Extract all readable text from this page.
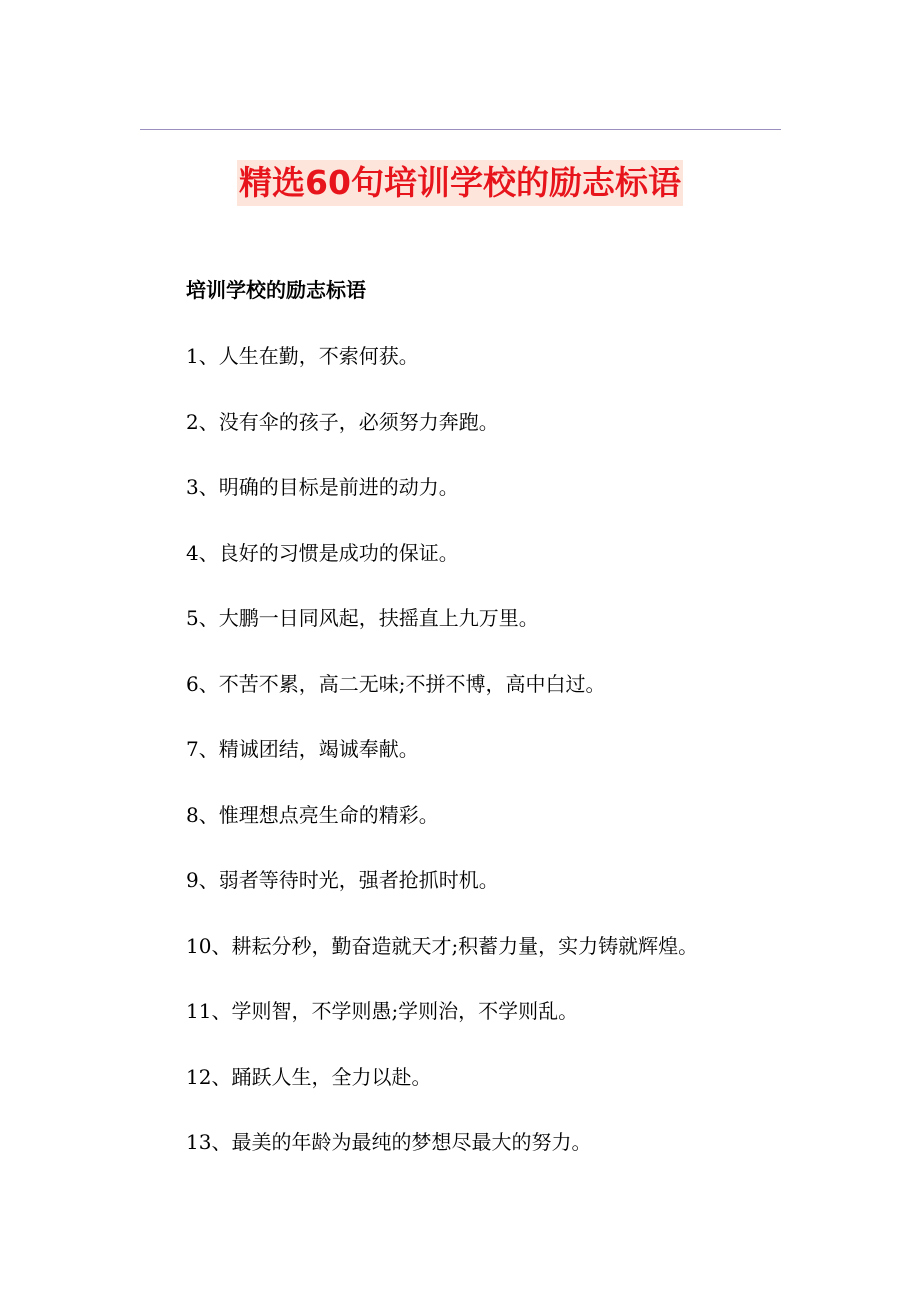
精选60句培训学校的励志标语
培训学校的励志标语
1、人生在勤，不索何获。
2、没有伞的孩子，必须努力奔跑。
3、明确的目标是前进的动力。
4、良好的习惯是成功的保证。
5、大鹏一日同风起，扶摇直上九万里。
6、不苦不累，高二无味;不拼不博，高中白过。
7、精诚团结，竭诚奉献。
8、惟理想点亮生命的精彩。
9、弱者等待时光，强者抢抓时机。
10、耕耘分秒，勤奋造就天才;积蓄力量，实力铸就辉煌。
11、学则智，不学则愚;学则治，不学则乱。
12、踊跃人生，全力以赴。
13、最美的年龄为最纯的梦想尽最大的努力。
